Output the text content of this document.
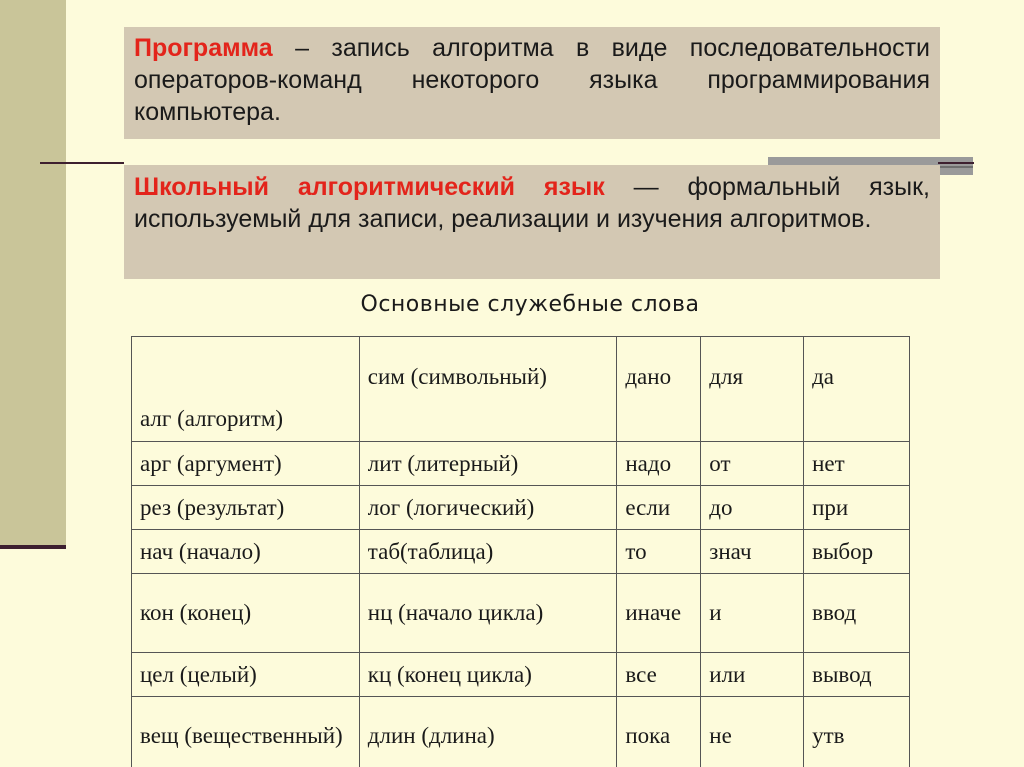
Программа – запись алгоритма в виде последовательности операторов-команд некоторого языка программирования компьютера.
Школьный алгоритмический язык — формальный язык, используемый для записи, реализации и изучения алгоритмов.
Основные служебные слова
алг (алгоритм)	сим (символьный)	дано	для	да
арг (аргумент)	лит (литерный)	надо	от	нет
рез (результат)	лог (логический)	если	до	при
нач (начало)	таб(таблица)	то	знач	выбор
кон (конец)	нц (начало цикла)	иначе	и	ввод
цел (целый)	кц (конец цикла)	все	или	вывод
вещ (вещественный)	длин (длина)	пока	не	утв
